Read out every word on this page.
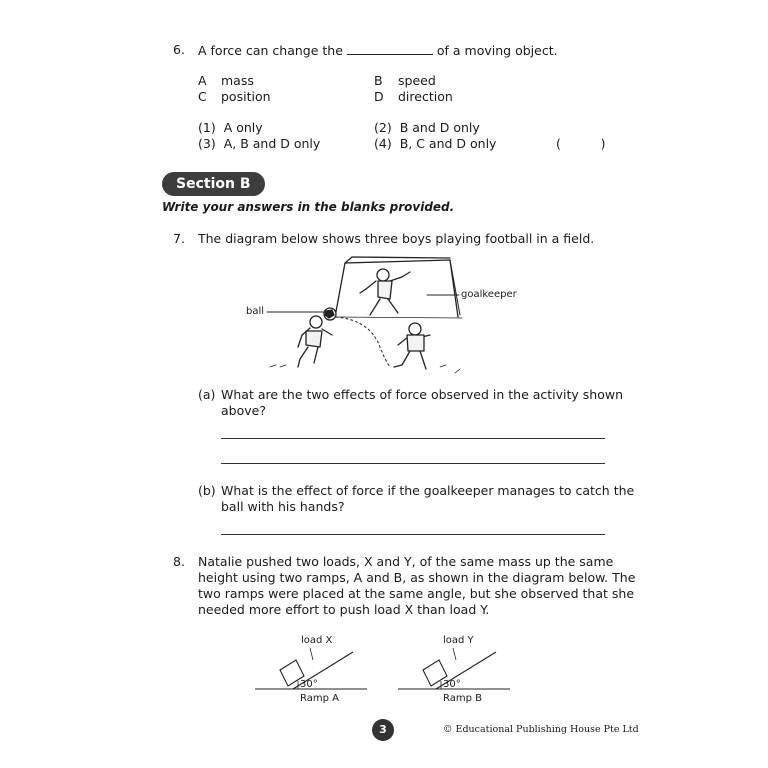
6. A force can change the	of a moving object.
A mass	B speed
C position	D direction
(1) A only	(2) B and D only
(3) A, B and D only	(4) B, C and D only	(          )
Section B
Write your answers in the blanks provided.
7. The diagram below shows three boys playing football in a field.
goalkeeper
ball
(a) What are the two effects of force observed in the activity shown
above?
(b) What is the effect of force if the goalkeeper manages to catch the
ball with his hands?
8. Natalie pushed two loads, X and Y, of the same mass up the same
height using two ramps, A and B, as shown in the diagram below. The
two ramps were placed at the same angle, but she observed that she
needed more effort to push load X than load Y.
load X
30°
Ramp A
load Y
30°
Ramp B
3	© Educational Publishing House Pte Ltd
